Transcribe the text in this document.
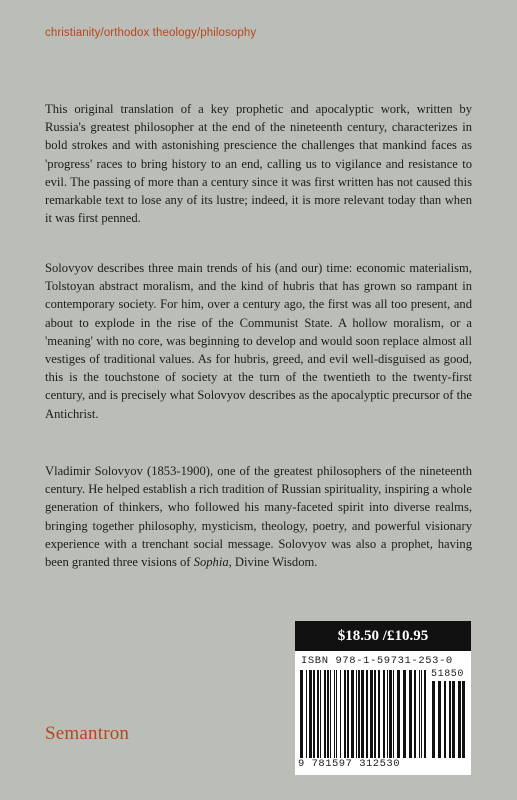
christianity/orthodox theology/philosophy

This original translation of a key prophetic and apocalyptic work, written by Russia's greatest philosopher at the end of the nineteenth century, characterizes in bold strokes and with astonishing prescience the challenges that mankind faces as 'progress' races to bring history to an end, calling us to vigilance and resistance to evil. The passing of more than a century since it was first written has not caused this remarkable text to lose any of its lustre; indeed, it is more relevant today than when it was first penned.

Solovyov describes three main trends of his (and our) time: economic materialism, Tolstoyan abstract moralism, and the kind of hubris that has grown so rampant in contemporary society. For him, over a century ago, the first was all too present, and about to explode in the rise of the Communist State. A hollow moralism, or a 'meaning' with no core, was beginning to develop and would soon replace almost all vestiges of traditional values. As for hubris, greed, and evil well-disguised as good, this is the touchstone of society at the turn of the twentieth to the twenty-first century, and is precisely what Solovyov describes as the apocalyptic precursor of the Antichrist.

Vladimir Solovyov (1853-1900), one of the greatest philosophers of the nineteenth century. He helped establish a rich tradition of Russian spirituality, inspiring a whole generation of thinkers, who followed his many-faceted spirit into diverse realms, bringing together philosophy, mysticism, theology, poetry, and powerful visionary experience with a trenchant social message. Solovyov was also a prophet, having been granted three visions of Sophia, Divine Wisdom.

$18.50 /£10.95
ISBN 978-1-59731-253-0
51850
9 781597 312530
Semantron
